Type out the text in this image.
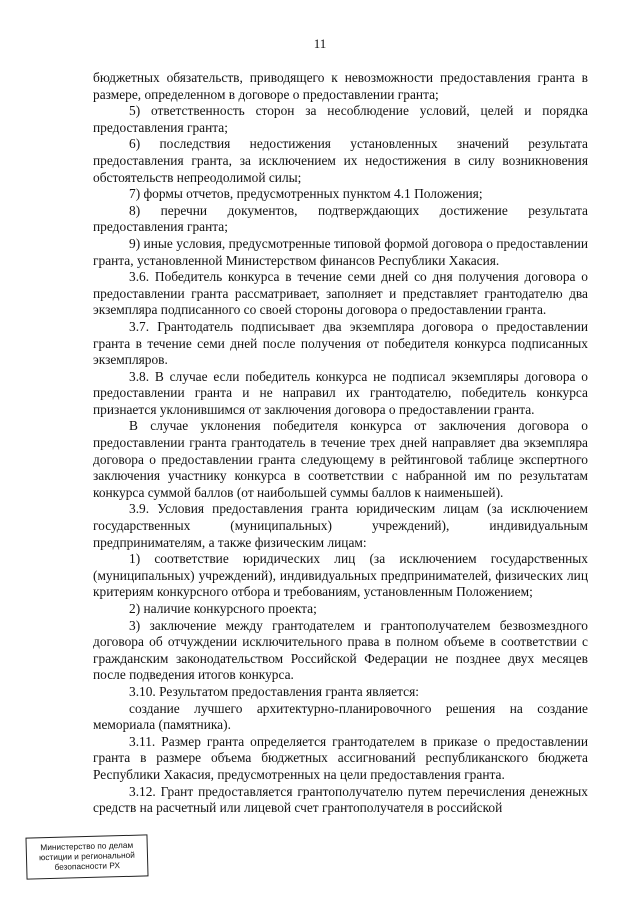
11

бюджетных обязательств, приводящего к невозможности предоставления гранта в размере, определенном в договоре о предоставлении гранта;

5) ответственность сторон за несоблюдение условий, целей и порядка предоставления гранта;

6) последствия недостижения установленных значений результата предоставления гранта, за исключением их недостижения в силу возникновения обстоятельств непреодолимой силы;

7) формы отчетов, предусмотренных пунктом 4.1 Положения;

8) перечни документов, подтверждающих достижение результата предоставления гранта;

9) иные условия, предусмотренные типовой формой договора о предоставлении гранта, установленной Министерством финансов Республики Хакасия.

3.6. Победитель конкурса в течение семи дней со дня получения договора о предоставлении гранта рассматривает, заполняет и представляет грантодателю два экземпляра подписанного со своей стороны договора о предоставлении гранта.

3.7. Грантодатель подписывает два экземпляра договора о предоставлении гранта в течение семи дней после получения от победителя конкурса подписанных экземпляров.

3.8. В случае если победитель конкурса не подписал экземпляры договора о предоставлении гранта и не направил их грантодателю, победитель конкурса признается уклонившимся от заключения договора о предоставлении гранта.

В случае уклонения победителя конкурса от заключения договора о предоставлении гранта грантодатель в течение трех дней направляет два экземпляра договора о предоставлении гранта следующему в рейтинговой таблице экспертного заключения участнику конкурса в соответствии с набранной им по результатам конкурса суммой баллов (от наибольшей суммы баллов к наименьшей).

3.9. Условия предоставления гранта юридическим лицам (за исключением государственных (муниципальных) учреждений), индивидуальным предпринимателям, а также физическим лицам:

1) соответствие юридических лиц (за исключением государственных (муниципальных) учреждений), индивидуальных предпринимателей, физических лиц критериям конкурсного отбора и требованиям, установленным Положением;

2) наличие конкурсного проекта;

3) заключение между грантодателем и грантополучателем безвозмездного договора об отчуждении исключительного права в полном объеме в соответствии с гражданским законодательством Российской Федерации не позднее двух месяцев после подведения итогов конкурса.

3.10. Результатом предоставления гранта является:

создание лучшего архитектурно-планировочного решения на создание мемориала (памятника).

3.11. Размер гранта определяется грантодателем в приказе о предоставлении гранта в размере объема бюджетных ассигнований республиканского бюджета Республики Хакасия, предусмотренных на цели предоставления гранта.

3.12. Грант предоставляется грантополучателю путем перечисления денежных средств на расчетный или лицевой счет грантополучателя в российской

Министерство по делам
юстиции и региональной
безопасности РХ
